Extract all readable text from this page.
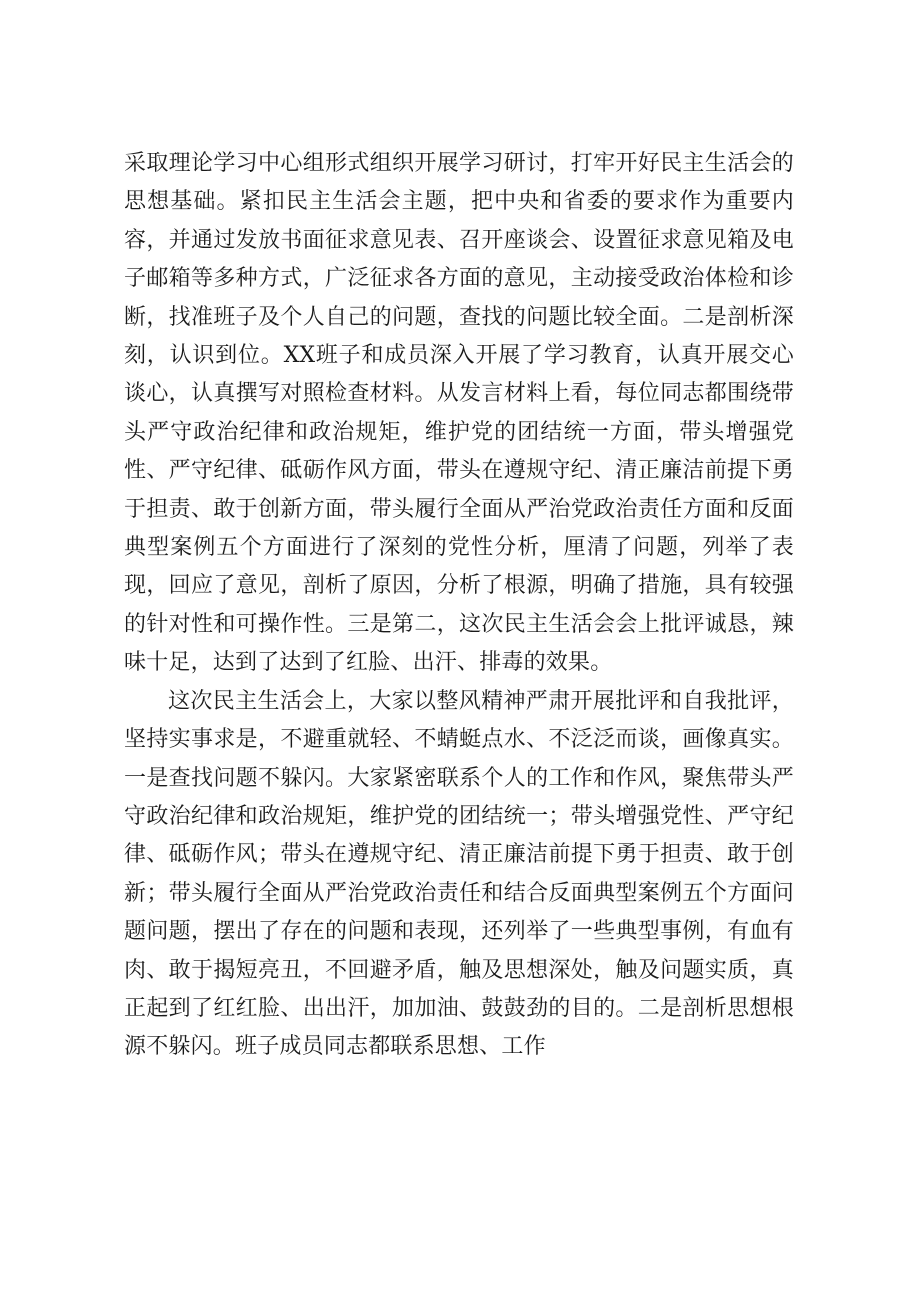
采取理论学习中心组形式组织开展学习研讨，打牢开好民主生活会的思想基础。紧扣民主生活会主题，把中央和省委的要求作为重要内容，并通过发放书面征求意见表、召开座谈会、设置征求意见箱及电子邮箱等多种方式，广泛征求各方面的意见，主动接受政治体检和诊断，找准班子及个人自己的问题，查找的问题比较全面。二是剖析深刻，认识到位。XX班子和成员深入开展了学习教育，认真开展交心谈心，认真撰写对照检查材料。从发言材料上看，每位同志都围绕带头严守政治纪律和政治规矩，维护党的团结统一方面，带头增强党性、严守纪律、砥砺作风方面，带头在遵规守纪、清正廉洁前提下勇于担责、敢于创新方面，带头履行全面从严治党政治责任方面和反面典型案例五个方面进行了深刻的党性分析，厘清了问题，列举了表现，回应了意见，剖析了原因，分析了根源，明确了措施，具有较强的针对性和可操作性。三是第二，这次民主生活会会上批评诚恳，辣味十足，达到了达到了红脸、出汗、排毒的效果。

这次民主生活会上，大家以整风精神严肃开展批评和自我批评，坚持实事求是，不避重就轻、不蜻蜓点水、不泛泛而谈，画像真实。一是查找问题不躲闪。大家紧密联系个人的工作和作风，聚焦带头严守政治纪律和政治规矩，维护党的团结统一；带头增强党性、严守纪律、砥砺作风；带头在遵规守纪、清正廉洁前提下勇于担责、敢于创新；带头履行全面从严治党政治责任和结合反面典型案例五个方面问题问题，摆出了存在的问题和表现，还列举了一些典型事例，有血有肉、敢于揭短亮丑，不回避矛盾，触及思想深处，触及问题实质，真正起到了红红脸、出出汗，加加油、鼓鼓劲的目的。二是剖析思想根源不躲闪。班子成员同志都联系思想、工作
